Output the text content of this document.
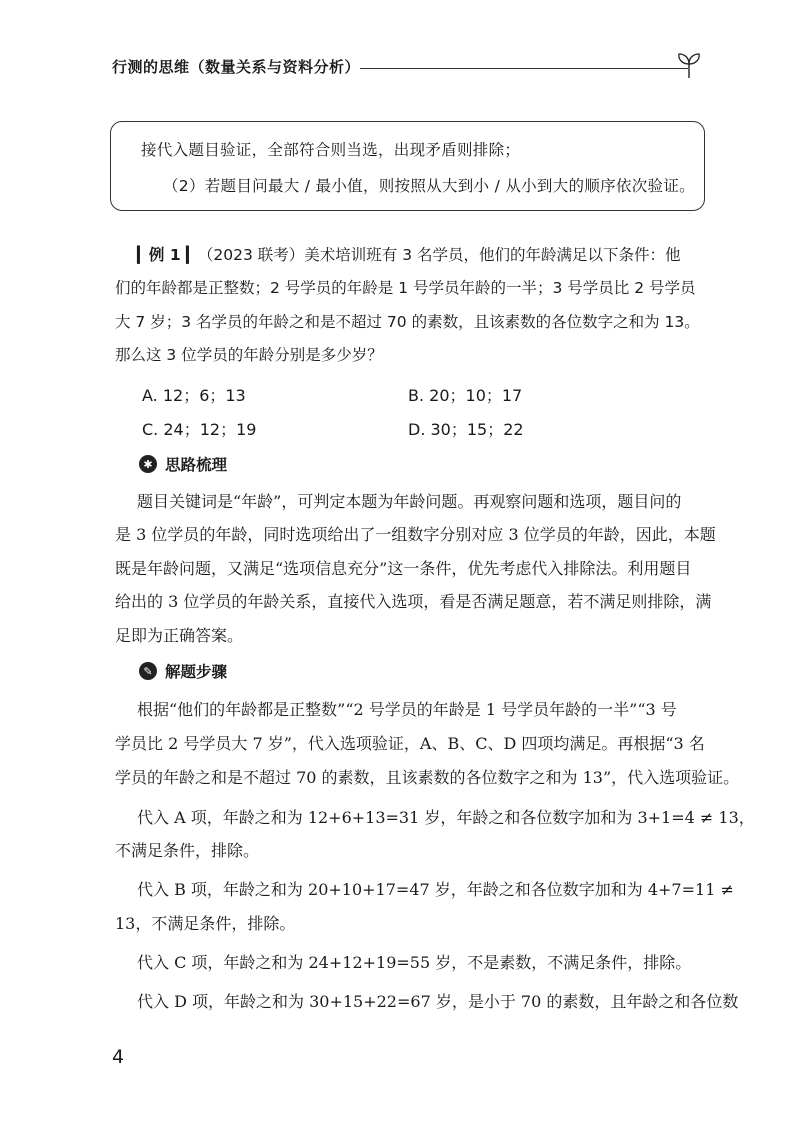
行测的思维（数量关系与资料分析）
接代入题目验证，全部符合则当选，出现矛盾则排除；
（2）若题目问最大 / 最小值，则按照从大到小 / 从小到大的顺序依次验证。
▎例 1 ▎（2023 联考）美术培训班有 3 名学员，他们的年龄满足以下条件：他
们的年龄都是正整数；2 号学员的年龄是 1 号学员年龄的一半；3 号学员比 2 号学员
大 7 岁；3 名学员的年龄之和是不超过 70 的素数，且该素数的各位数字之和为 13。
那么这 3 位学员的年龄分别是多少岁？
A. 12；6；13	B. 20；10；17
C. 24；12；19	D. 30；15；22
✱ 思路梳理
题目关键词是“年龄”，可判定本题为年龄问题。再观察问题和选项，题目问的
是 3 位学员的年龄，同时选项给出了一组数字分别对应 3 位学员的年龄，因此，本题
既是年龄问题，又满足“选项信息充分”这一条件，优先考虑代入排除法。利用题目
给出的 3 位学员的年龄关系，直接代入选项，看是否满足题意，若不满足则排除，满
足即为正确答案。
✎ 解题步骤
根据“他们的年龄都是正整数”“2 号学员的年龄是 1 号学员年龄的一半”“3 号
学员比 2 号学员大 7 岁”，代入选项验证，A、B、C、D 四项均满足。再根据“3 名
学员的年龄之和是不超过 70 的素数，且该素数的各位数字之和为 13”，代入选项验证。
代入 A 项，年龄之和为 12+6+13=31 岁，年龄之和各位数字加和为 3+1=4 ≠ 13，
不满足条件，排除。
代入 B 项，年龄之和为 20+10+17=47 岁，年龄之和各位数字加和为 4+7=11 ≠
13，不满足条件，排除。
代入 C 项，年龄之和为 24+12+19=55 岁，不是素数，不满足条件，排除。
代入 D 项，年龄之和为 30+15+22=67 岁，是小于 70 的素数，且年龄之和各位数
4
